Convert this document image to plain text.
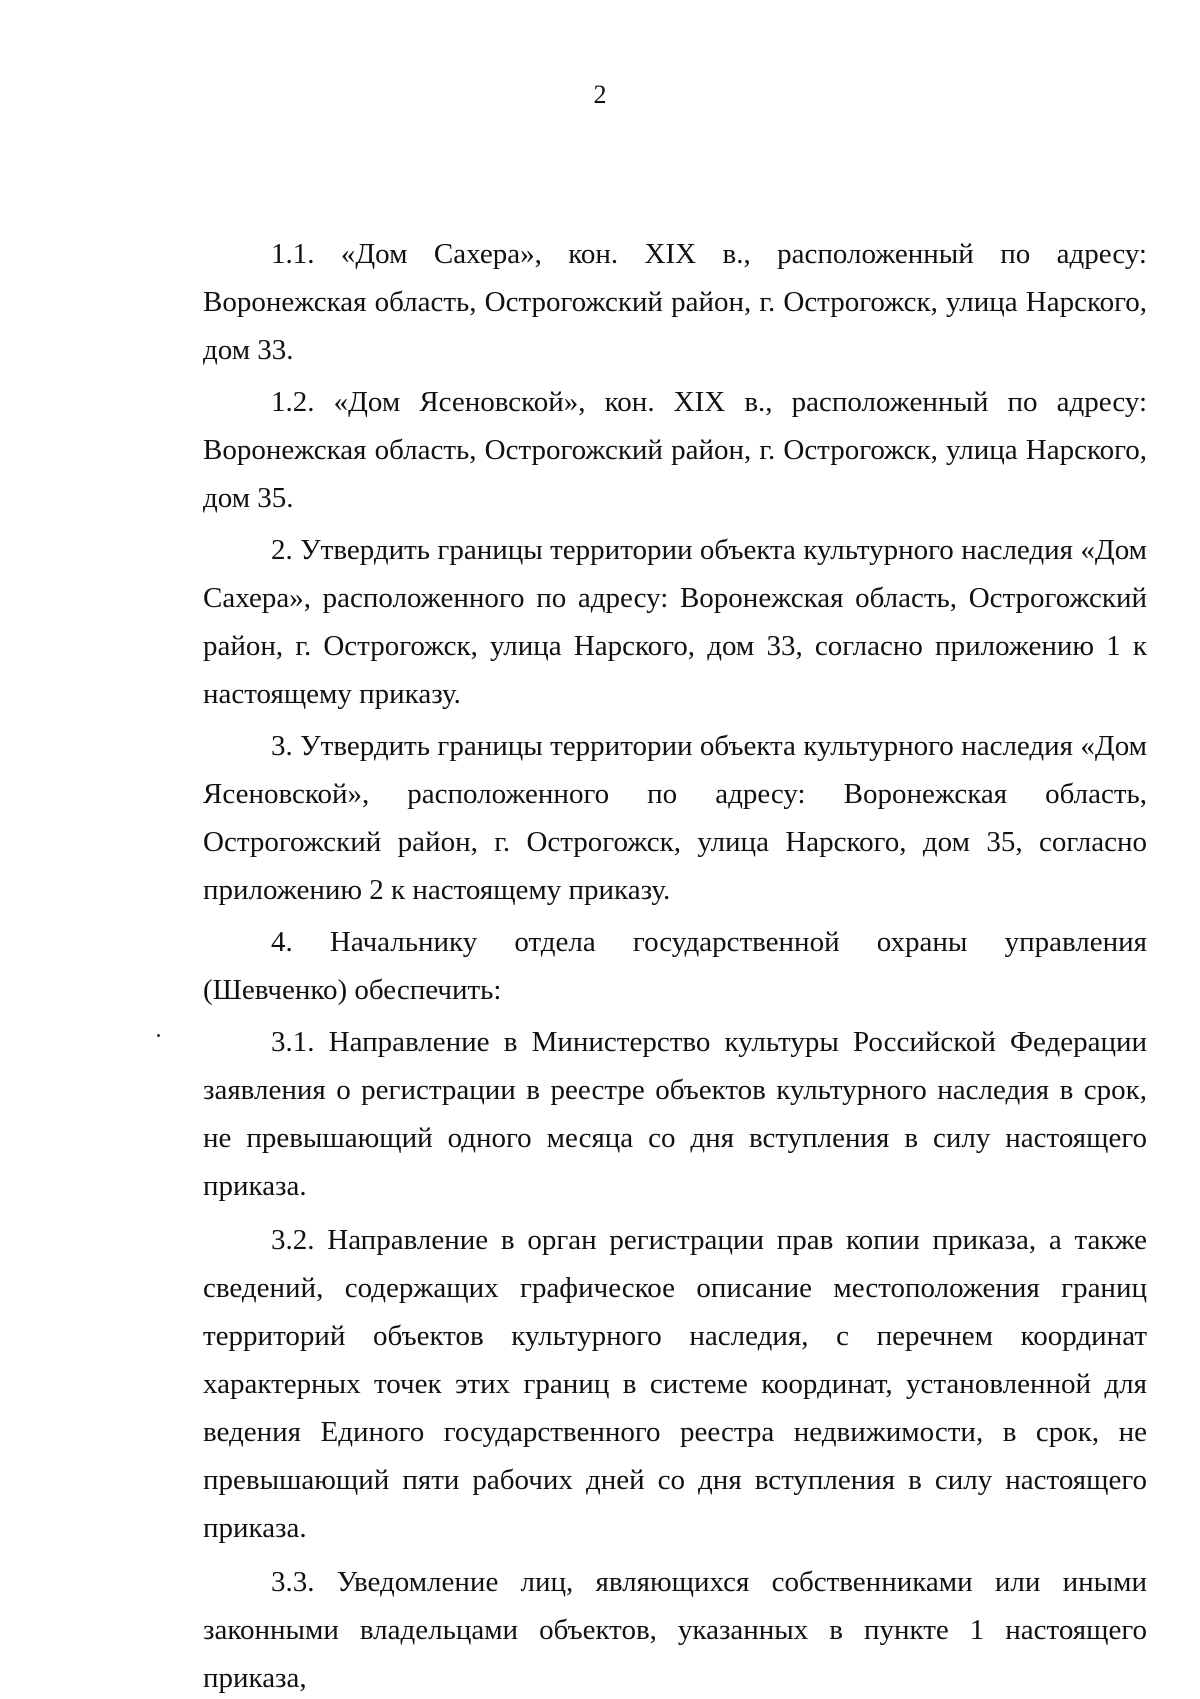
2

1.1. «Дом Сахера», кон. XIX в., расположенный по адресу: Воронежская область, Острогожский район, г. Острогожск, улица Нарского, дом 33.

1.2. «Дом Ясеновской», кон. XIX в., расположенный по адресу: Воронежская область, Острогожский район, г. Острогожск, улица Нарского, дом 35.

2. Утвердить границы территории объекта культурного наследия «Дом Сахера», расположенного по адресу: Воронежская область, Острогожский район, г. Острогожск, улица Нарского, дом 33, согласно приложению 1 к настоящему приказу.

3. Утвердить границы территории объекта культурного наследия «Дом Ясеновской», расположенного по адресу: Воронежская область, Острогожский район, г. Острогожск, улица Нарского, дом 35, согласно приложению 2 к настоящему приказу.

4. Начальнику отдела государственной охраны управления (Шевченко) обеспечить:

3.1. Направление в Министерство культуры Российской Федерации заявления о регистрации в реестре объектов культурного наследия в срок, не превышающий одного месяца со дня вступления в силу настоящего приказа.

3.2. Направление в орган регистрации прав копии приказа, а также сведений, содержащих графическое описание местоположения границ территорий объектов культурного наследия, с перечнем координат характерных точек этих границ в системе координат, установленной для ведения Единого государственного реестра недвижимости, в срок, не превышающий пяти рабочих дней со дня вступления в силу настоящего приказа.

3.3. Уведомление лиц, являющихся собственниками или иными законными владельцами объектов, указанных в пункте 1 настоящего приказа,
